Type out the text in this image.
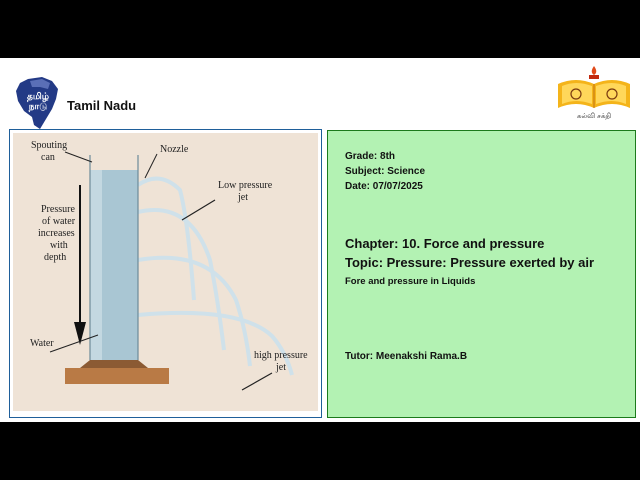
தமிழ்
நாடு Tamil Nadu
கல்வி சக்தி
Spouting
can
Nozzle
Low pressure
jet
Pressure
of water
increases
with
depth
high pressure
jet
Water
Grade: 8th
Subject: Science
Date: 07/07/2025
Chapter: 10. Force and pressure
Topic: Pressure: Pressure exerted by air
Fore and pressure in Liquids
Tutor: Meenakshi Rama.B
